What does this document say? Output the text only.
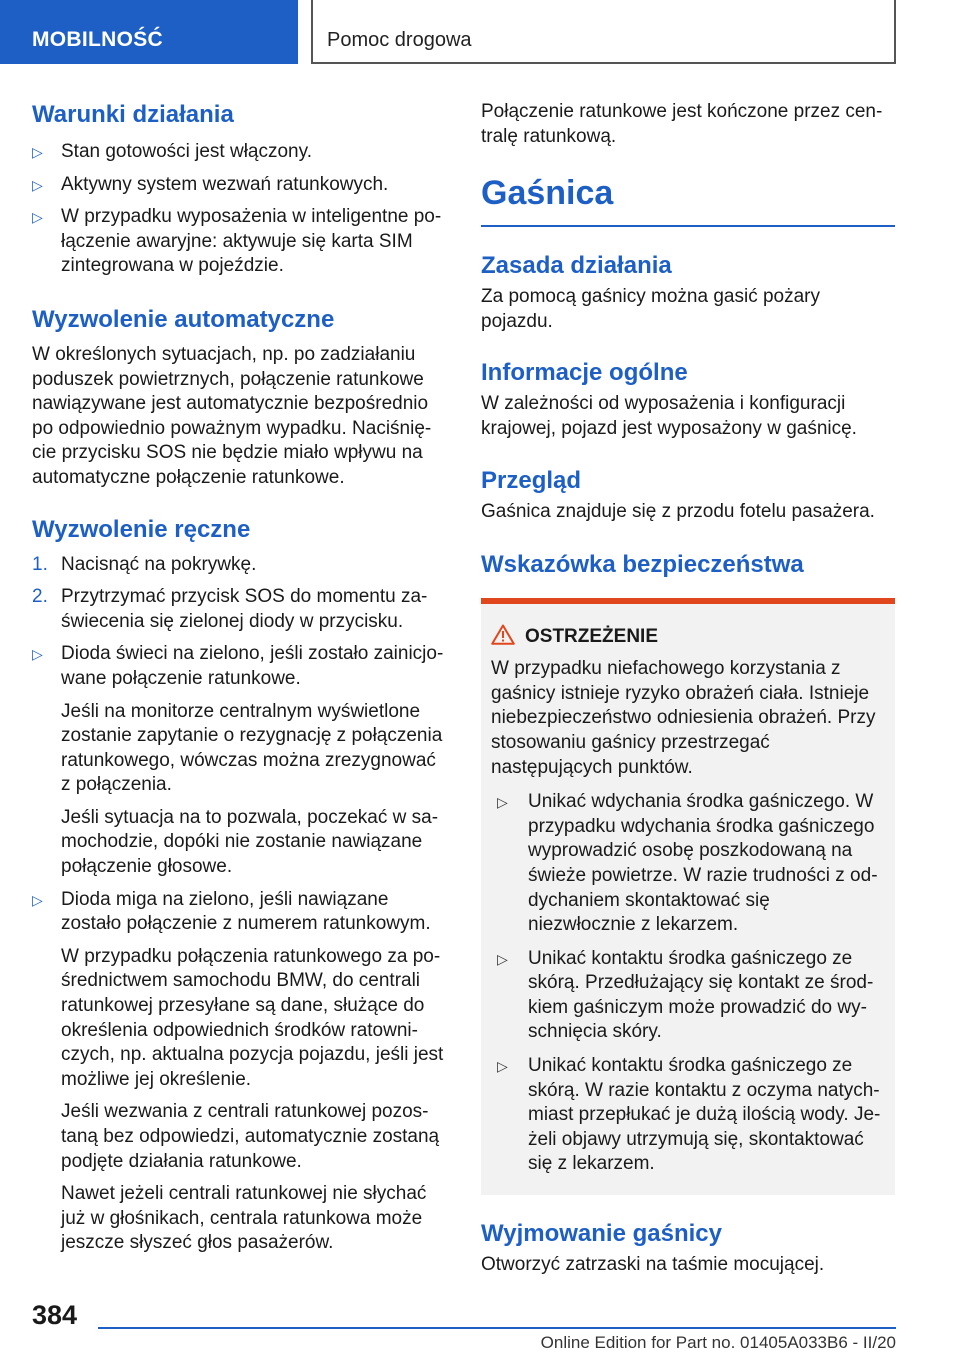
MOBILNOŚĆ	Pomoc drogowa
Warunki działania
▷ Stan gotowości jest włączony.
▷ Aktywny system wezwań ratunkowych.
▷ W przypadku wyposażenia w inteligentne połączenie awaryjne: aktywuje się karta SIM zintegrowana w pojeździe.
Wyzwolenie automatyczne

W określonych sytuacjach, np. po zadziałaniu poduszek powietrznych, połączenie ratunkowe nawiązywane jest automatycznie bezpośrednio po odpowiednio poważnym wypadku. Naciśnięcie przycisku SOS nie będzie miało wpływu na automatyczne połączenie ratunkowe.

Wyzwolenie ręczne
1. Nacisnąć na pokrywkę.
2. Przytrzymać przycisk SOS do momentu zaświecenia się zielonej diody w przycisku.
▷ Dioda świeci na zielono, jeśli zostało zainicjowane połączenie ratunkowe.

Jeśli na monitorze centralnym wyświetlone zostanie zapytanie o rezygnację z połączenia ratunkowego, wówczas można zrezygnować z połączenia.

Jeśli sytuacja na to pozwala, poczekać w samochodzie, dopóki nie zostanie nawiązane połączenie głosowe.

▷ Dioda miga na zielono, jeśli nawiązane zostało połączenie z numerem ratunkowym.

W przypadku połączenia ratunkowego za pośrednictwem samochodu BMW, do centrali ratunkowej przesyłane są dane, służące do określenia odpowiednich środków ratowniczych, np. aktualna pozycja pojazdu, jeśli jest możliwe jej określenie.

Jeśli wezwania z centrali ratunkowej pozostaną bez odpowiedzi, automatycznie zostaną podjęte działania ratunkowe.

Nawet jeżeli centrali ratunkowej nie słychać już w głośnikach, centrala ratunkowa może jeszcze słyszeć głos pasażerów.

Połączenie ratunkowe jest kończone przez centralę ratunkową.

Gaśnica
Zasada działania

Za pomocą gaśnicy można gasić pożary pojazdu.

Informacje ogólne

W zależności od wyposażenia i konfiguracji krajowej, pojazd jest wyposażony w gaśnicę.

Przegląd

Gaśnica znajduje się z przodu fotelu pasażera.

Wskazówka bezpieczeństwa
OSTRZEŻENIE

W przypadku niefachowego korzystania z gaśnicy istnieje ryzyko obrażeń ciała. Istnieje niebezpieczeństwo odniesienia obrażeń. Przy stosowaniu gaśnicy przestrzegać następujących punktów.

▷ Unikać wdychania środka gaśniczego. W przypadku wdychania środka gaśniczego wyprowadzić osobę poszkodowaną na świeże powietrze. W razie trudności z oddychaniem skontaktować się niezwłocznie z lekarzem.
▷ Unikać kontaktu środka gaśniczego ze skórą. Przedłużający się kontakt ze środkiem gaśniczym może prowadzić do wyschnięcia skóry.
▷ Unikać kontaktu środka gaśniczego ze skórą. W razie kontaktu z oczyma natychmiast przepłukać je dużą ilością wody. Jeżeli objawy utrzymują się, skontaktować się z lekarzem.
Wyjmowanie gaśnicy

Otworzyć zatrzaski na taśmie mocującej.

384
Online Edition for Part no. 01405A033B6 - II/20
